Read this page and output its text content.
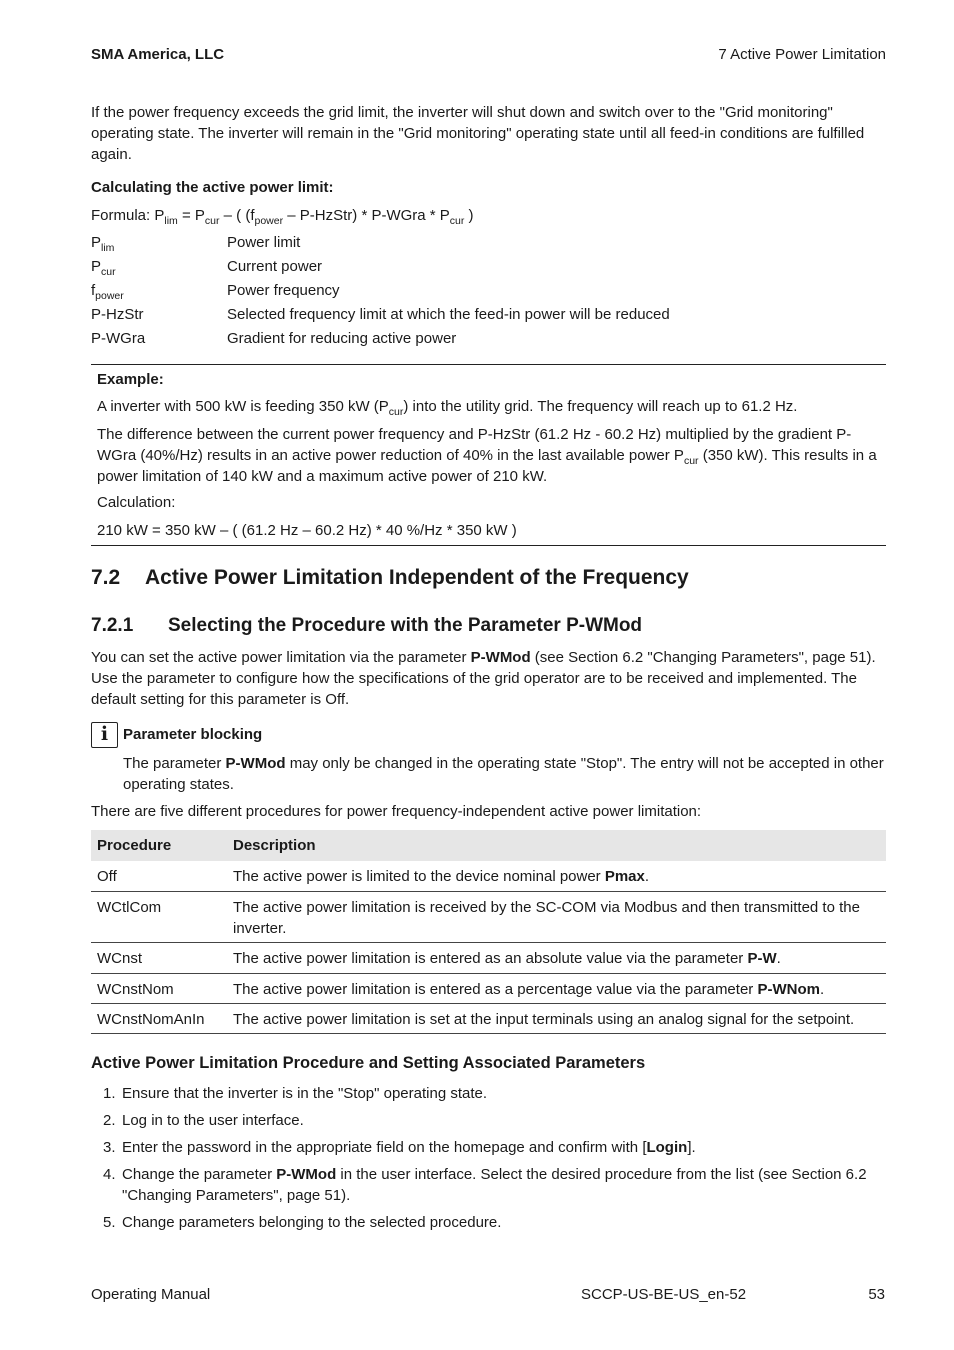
SMA America, LLC	7 Active Power Limitation
If the power frequency exceeds the grid limit, the inverter will shut down and switch over to the "Grid monitoring" operating state. The inverter will remain in the "Grid monitoring" operating state until all feed-in conditions are fulfilled again.
Calculating the active power limit:
Formula: $P_{lim} = P_{cur}$ – ( ($f_{power}$ – P-HzStr) * P-WGra * $P_{cur}$ )
$P_{lim}$	Power limit
$P_{cur}$	Current power
$f_{power}$	Power frequency
P-HzStr	Selected frequency limit at which the feed-in power will be reduced
P-WGra	Gradient for reducing active power
Example:
A inverter with 500 kW is feeding 350 kW $(P_{cur})$ into the utility grid. The frequency will reach up to 61.2 Hz.
The difference between the current power frequency and P-HzStr (61.2 Hz - 60.2 Hz) multiplied by the gradient P-WGra (40%/Hz) results in an active power reduction of 40% in the last available power $P_{cur}$ (350 kW). This results in a power limitation of 140 kW and a maximum active power of 210 kW.
Calculation:
210 kW = 350 kW – ( (61.2 Hz – 60.2 Hz) * 40 %/Hz * 350 kW )
7.2 Active Power Limitation Independent of the Frequency
7.2.1 Selecting the Procedure with the Parameter P-WMod
You can set the active power limitation via the parameter P-WMod (see Section 6.2 "Changing Parameters", page 51). Use the parameter to configure how the specifications of the grid operator are to be received and implemented. The default setting for this parameter is Off.
i Parameter blocking
The parameter P-WMod may only be changed in the operating state "Stop". The entry will not be accepted in other operating states.
There are five different procedures for power frequency-independent active power limitation:
Procedure	Description
Off	The active power is limited to the device nominal power Pmax.
WCtlCom	The active power limitation is received by the SC-COM via Modbus and then transmitted to the inverter.
WCnst	The active power limitation is entered as an absolute value via the parameter P-W.
WCnstNom	The active power limitation is entered as a percentage value via the parameter P-WNom.
WCnstNomAnIn The active power limitation is set at the input terminals using an analog signal for the setpoint.
Active Power Limitation Procedure and Setting Associated Parameters
1. Ensure that the inverter is in the "Stop" operating state.
2. Log in to the user interface.
3. Enter the password in the appropriate field on the homepage and confirm with [Login].
4. Change the parameter P-WMod in the user interface. Select the desired procedure from the list (see Section 6.2 "Changing Parameters", page 51).
5. Change parameters belonging to the selected procedure.
Operating Manual	SCCP-US-BE-US_en-52	53
